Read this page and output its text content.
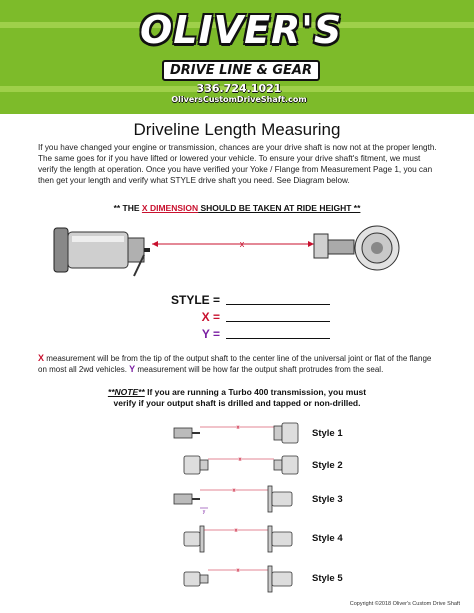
OLIVER'S
DRIVE LINE & GEAR
336.724.1021
OliversCustomDriveShaft.com
Driveline Length Measuring
If you have changed your engine or transmission, chances are your drive shaft is now not at the proper length. The same goes for if you have lifted or lowered your vehicle. To ensure your drive shaft's fitment, we must verify the length at operation. Once you have verified your Yoke / Flange from Measurement Page 1, you can then get your length and verify what STYLE drive shaft you need. See Diagram below.
** THE X DIMENSION SHOULD BE TAKEN AT RIDE HEIGHT **
x
STYLE =
X =
Y =
X measurement will be from the tip of the output shaft to the center line of the universal joint or flat of the flange on most all 2wd vehicles. Y measurement will be how far the output shaft protrudes from the seal.
**NOTE** If you are running a Turbo 400 transmission, you must
verify if your output shaft is drilled and tapped or non-drilled.
x	Style 1
x	Style 2
x
y
Style 3
x
Style 4
x
Style 5
Copyright ©2018 Oliver's Custom Drive Shaft
